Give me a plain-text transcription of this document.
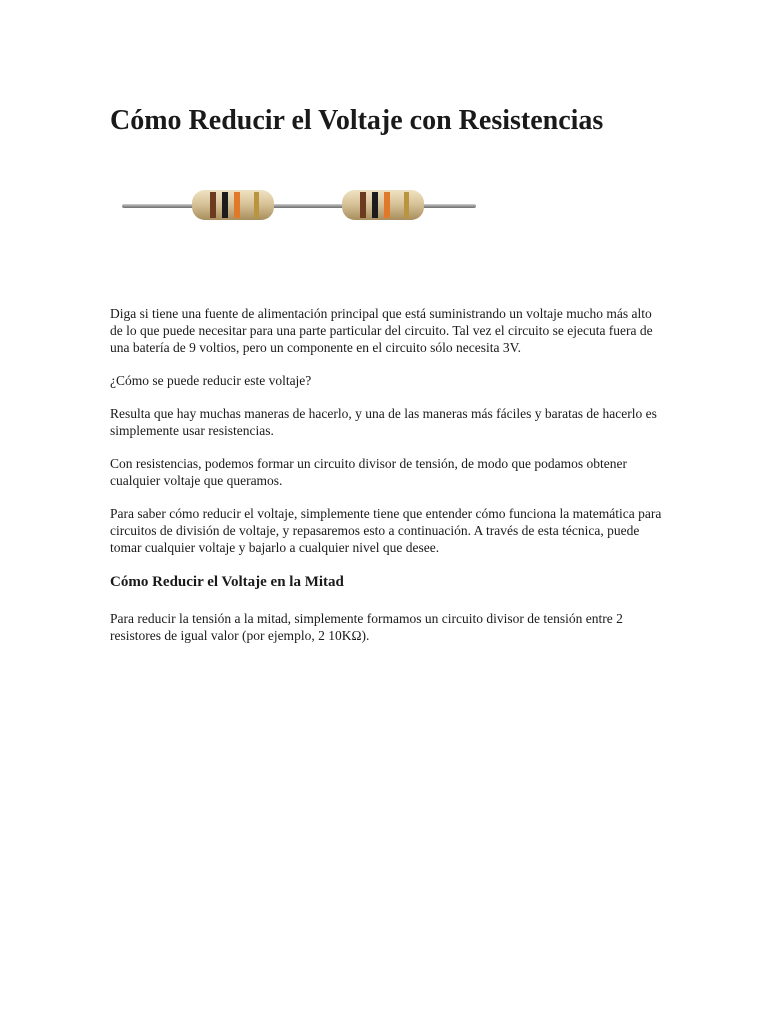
Cómo Reducir el Voltaje con Resistencias

Diga si tiene una fuente de alimentación principal que está suministrando un voltaje mucho más alto de lo que puede necesitar para una parte particular del circuito. Tal vez el circuito se ejecuta fuera de una batería de 9 voltios, pero un componente en el circuito sólo necesita 3V.

¿Cómo se puede reducir este voltaje?

Resulta que hay muchas maneras de hacerlo, y una de las maneras más fáciles y baratas de hacerlo es simplemente usar resistencias.

Con resistencias, podemos formar un circuito divisor de tensión, de modo que podamos obtener cualquier voltaje que queramos.

Para saber cómo reducir el voltaje, simplemente tiene que entender cómo funciona la matemática para circuitos de división de voltaje, y repasaremos esto a continuación. A través de esta técnica, puede tomar cualquier voltaje y bajarlo a cualquier nivel que desee.

Cómo Reducir el Voltaje en la Mitad

Para reducir la tensión a la mitad, simplemente formamos un circuito divisor de tensión entre 2 resistores de igual valor (por ejemplo, 2 10KΩ).
